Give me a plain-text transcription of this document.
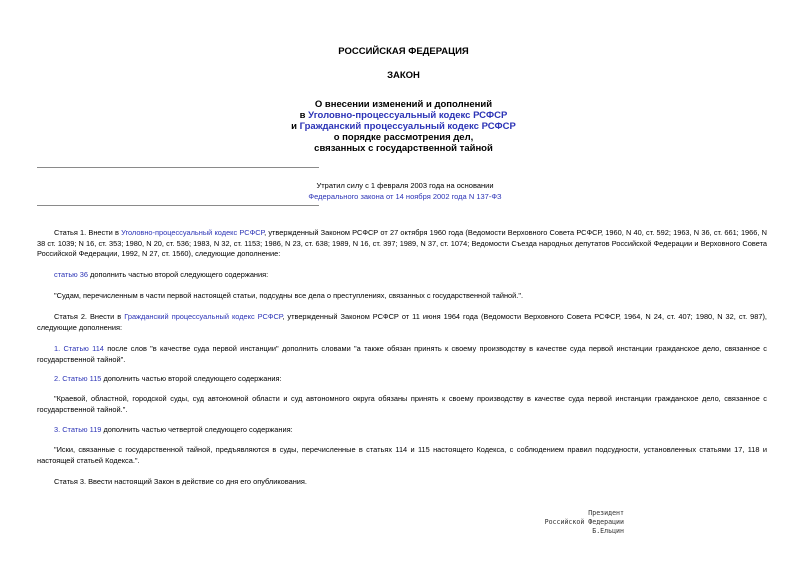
РОССИЙСКАЯ ФЕДЕРАЦИЯ
ЗАКОН
О внесении изменений и дополнений
в Уголовно-процессуальный кодекс РСФСР
и Гражданский процессуальный кодекс РСФСР
о порядке рассмотрения дел,
связанных с государственной тайной
Утратил силу с 1 февраля 2003 года на основании
Федерального закона от 14 ноября 2002 года N 137-ФЗ
Статья 1. Внести в Уголовно-процессуальный кодекс РСФСР, утвержденный Законом РСФСР от 27 октября 1960 года (Ведомости Верховного Совета РСФСР, 1960, N 40, ст. 592; 1963, N 36, ст. 661; 1966, N 38 ст. 1039; N 16, ст. 353; 1980, N 20, ст. 536; 1983, N 32, ст. 1153; 1986, N 23, ст. 638; 1989, N 16, ст. 397; 1989, N 37, ст. 1074; Ведомости Съезда народных депутатов Российской Федерации и Верховного Совета Российской Федерации, 1992, N 27, ст. 1560), следующие дополнение:
статью 36 дополнить частью второй следующего содержания:
"Судам, перечисленным в части первой настоящей статьи, подсудны все дела о преступлениях, связанных с государственной тайной.".
Статья 2. Внести в Гражданский процессуальный кодекс РСФСР, утвержденный Законом РСФСР от 11 июня 1964 года (Ведомости Верховного Совета РСФСР, 1964, N 24, ст. 407; 1980, N 32, ст. 987), следующие дополнения:
1. Статью 114 после слов "в качестве суда первой инстанции" дополнить словами "а также обязан принять к своему производству в качестве суда первой инстанции гражданское дело, связанное с государственной тайной".
2. Статью 115 дополнить частью второй следующего содержания:
"Краевой, областной, городской суды, суд автономной области и суд автономного округа обязаны принять к своему производству в качестве суда первой инстанции гражданское дело, связанное с государственной тайной.".
3. Статью 119 дополнить частью четвертой следующего содержания:
"Иски, связанные с государственной тайной, предъявляются в суды, перечисленные в статьях 114 и 115 настоящего Кодекса, с соблюдением правил подсудности, установленных статьями 17, 118 и настоящей статьей Кодекса.".
Статья 3. Ввести настоящий Закон в действие со дня его опубликования.
Президент
Российской Федерации
Б.Ельцин
